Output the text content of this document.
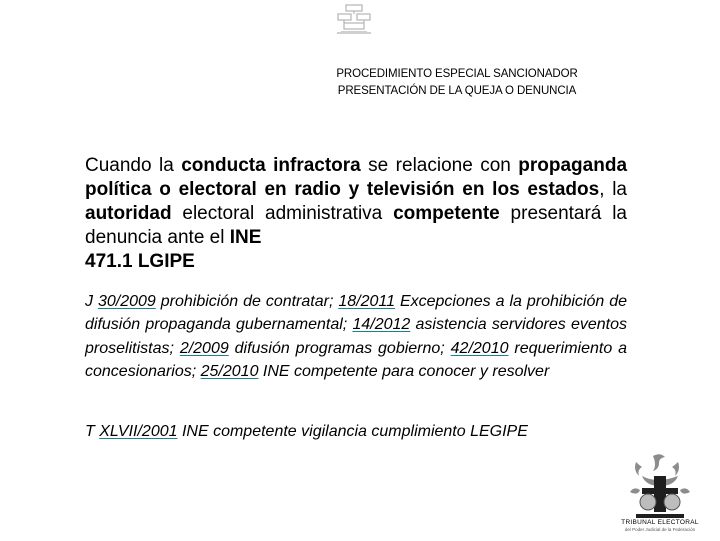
PROCEDIMIENTO ESPECIAL SANCIONADOR
PRESENTACIÓN DE LA QUEJA O DENUNCIA
Cuando la conducta infractora se relacione con propaganda política o electoral en radio y televisión en los estados, la autoridad electoral administrativa competente presentará la denuncia ante el INE
471.1 LGIPE
J 30/2009 prohibición de contratar; 18/2011 Excepciones a la prohibición de difusión propaganda gubernamental; 14/2012 asistencia servidores eventos proselitistas; 2/2009 difusión programas gobierno; 42/2010 requerimiento a concesionarios; 25/2010 INE competente para conocer y resolver
T XLVII/2001 INE competente vigilancia cumplimiento LEGIPE
TRIBUNAL ELECTORAL
del Poder Judicial de la Federación
